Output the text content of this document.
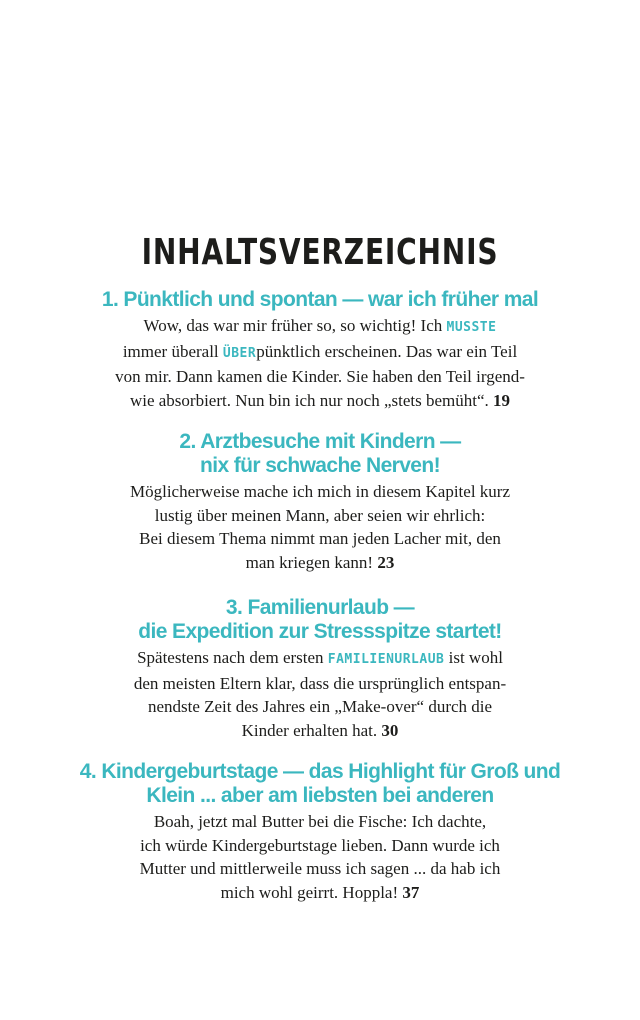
INHALTSVERZEICHNIS
1. Pünktlich und spontan — war ich früher mal
Wow, das war mir früher so, so wichtig! Ich MUSSTE
immer überall ÜBERpünktlich erscheinen. Das war ein Teil
von mir. Dann kamen die Kinder. Sie haben den Teil irgend-
wie absorbiert. Nun bin ich nur noch „stets bemüht“. 19
2. Arztbesuche mit Kindern —
nix für schwache Nerven!
Möglicherweise mache ich mich in diesem Kapitel kurz
lustig über meinen Mann, aber seien wir ehrlich:
Bei diesem Thema nimmt man jeden Lacher mit, den
man kriegen kann! 23
3. Familienurlaub —
die Expedition zur Stressspitze startet!
Spätestens nach dem ersten FAMILIENURLAUB ist wohl
den meisten Eltern klar, dass die ursprünglich entspan-
nendste Zeit des Jahres ein „Make-over“ durch die
Kinder erhalten hat. 30
4. Kindergeburtstage — das Highlight für Groß und
Klein ... aber am liebsten bei anderen
Boah, jetzt mal Butter bei die Fische: Ich dachte,
ich würde Kindergeburtstage lieben. Dann wurde ich
Mutter und mittlerweile muss ich sagen ... da hab ich
mich wohl geirrt. Hoppla! 37
